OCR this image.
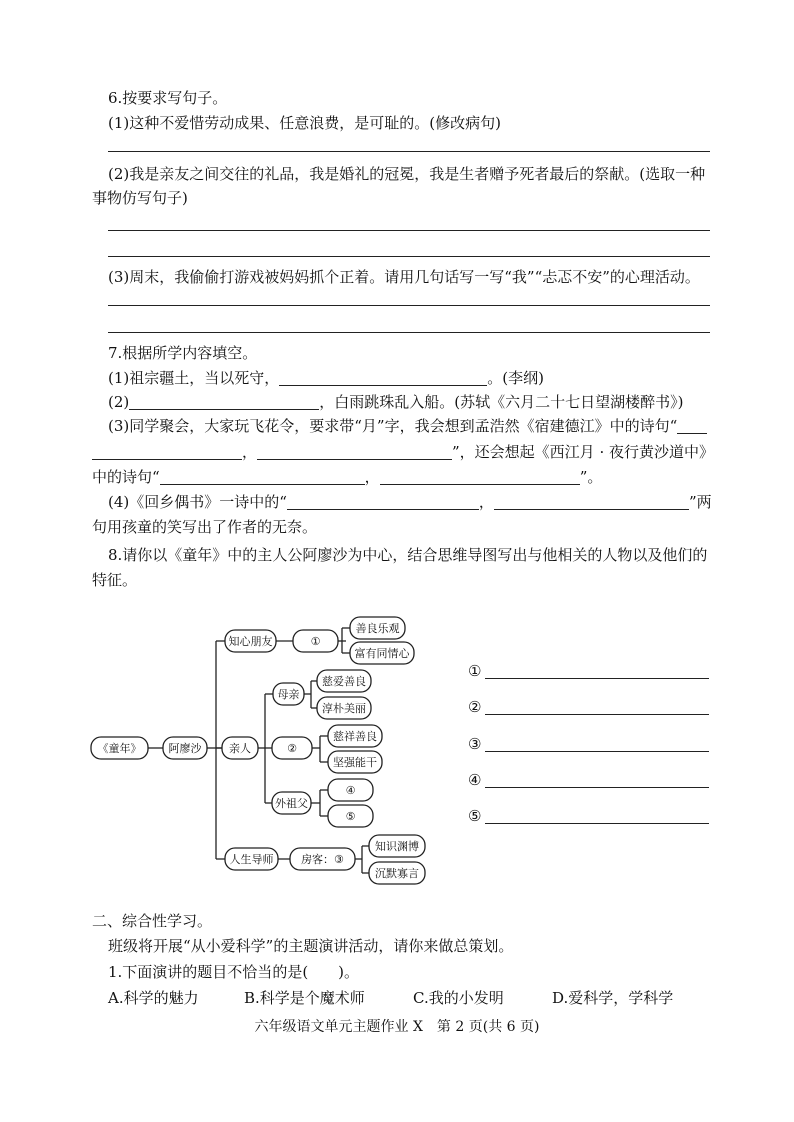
6.按要求写句子。
(1)这种不爱惜劳动成果、任意浪费，是可耻的。(修改病句)
(2)我是亲友之间交往的礼品，我是婚礼的冠冕，我是生者赠予死者最后的祭献。(选取一种
事物仿写句子)
(3)周末，我偷偷打游戏被妈妈抓个正着。请用几句话写一写“我”“忐忑不安”的心理活动。
7.根据所学内容填空。
(1)祖宗疆土，当以死守，	。(李纲)
(2)	，白雨跳珠乱入船。(苏轼《六月二十七日望湖楼醉书》)
(3)同学聚会，大家玩飞花令，要求带“月”字，我会想到孟浩然《宿建德江》中的诗句“
，	”，还会想起《西江月 · 夜行黄沙道中》
中的诗句“	，	”。
(4)《回乡偶书》一诗中的“	，	”两
句用孩童的笑写出了作者的无奈。
8.请你以《童年》中的主人公阿廖沙为中心，结合思维导图写出与他相关的人物以及他们的
特征。
《童年》 阿廖沙
知心朋友	①
善良乐观
富有同情心
亲人
母亲
慈爱善良
淳朴美丽
②
慈祥善良
坚强能干
外祖父
④
⑤
人生导师	房客：③
知识渊博
沉默寡言
①
②
③
④
⑤
二、综合性学习。
班级将开展“从小爱科学”的主题演讲活动，请你来做总策划。
1.下面演讲的题目不恰当的是(　　)。
A.科学的魅力	B.科学是个魔术师	C.我的小发明	D.爱科学，学科学
六年级语文单元主题作业 X　第 2 页(共 6 页)
